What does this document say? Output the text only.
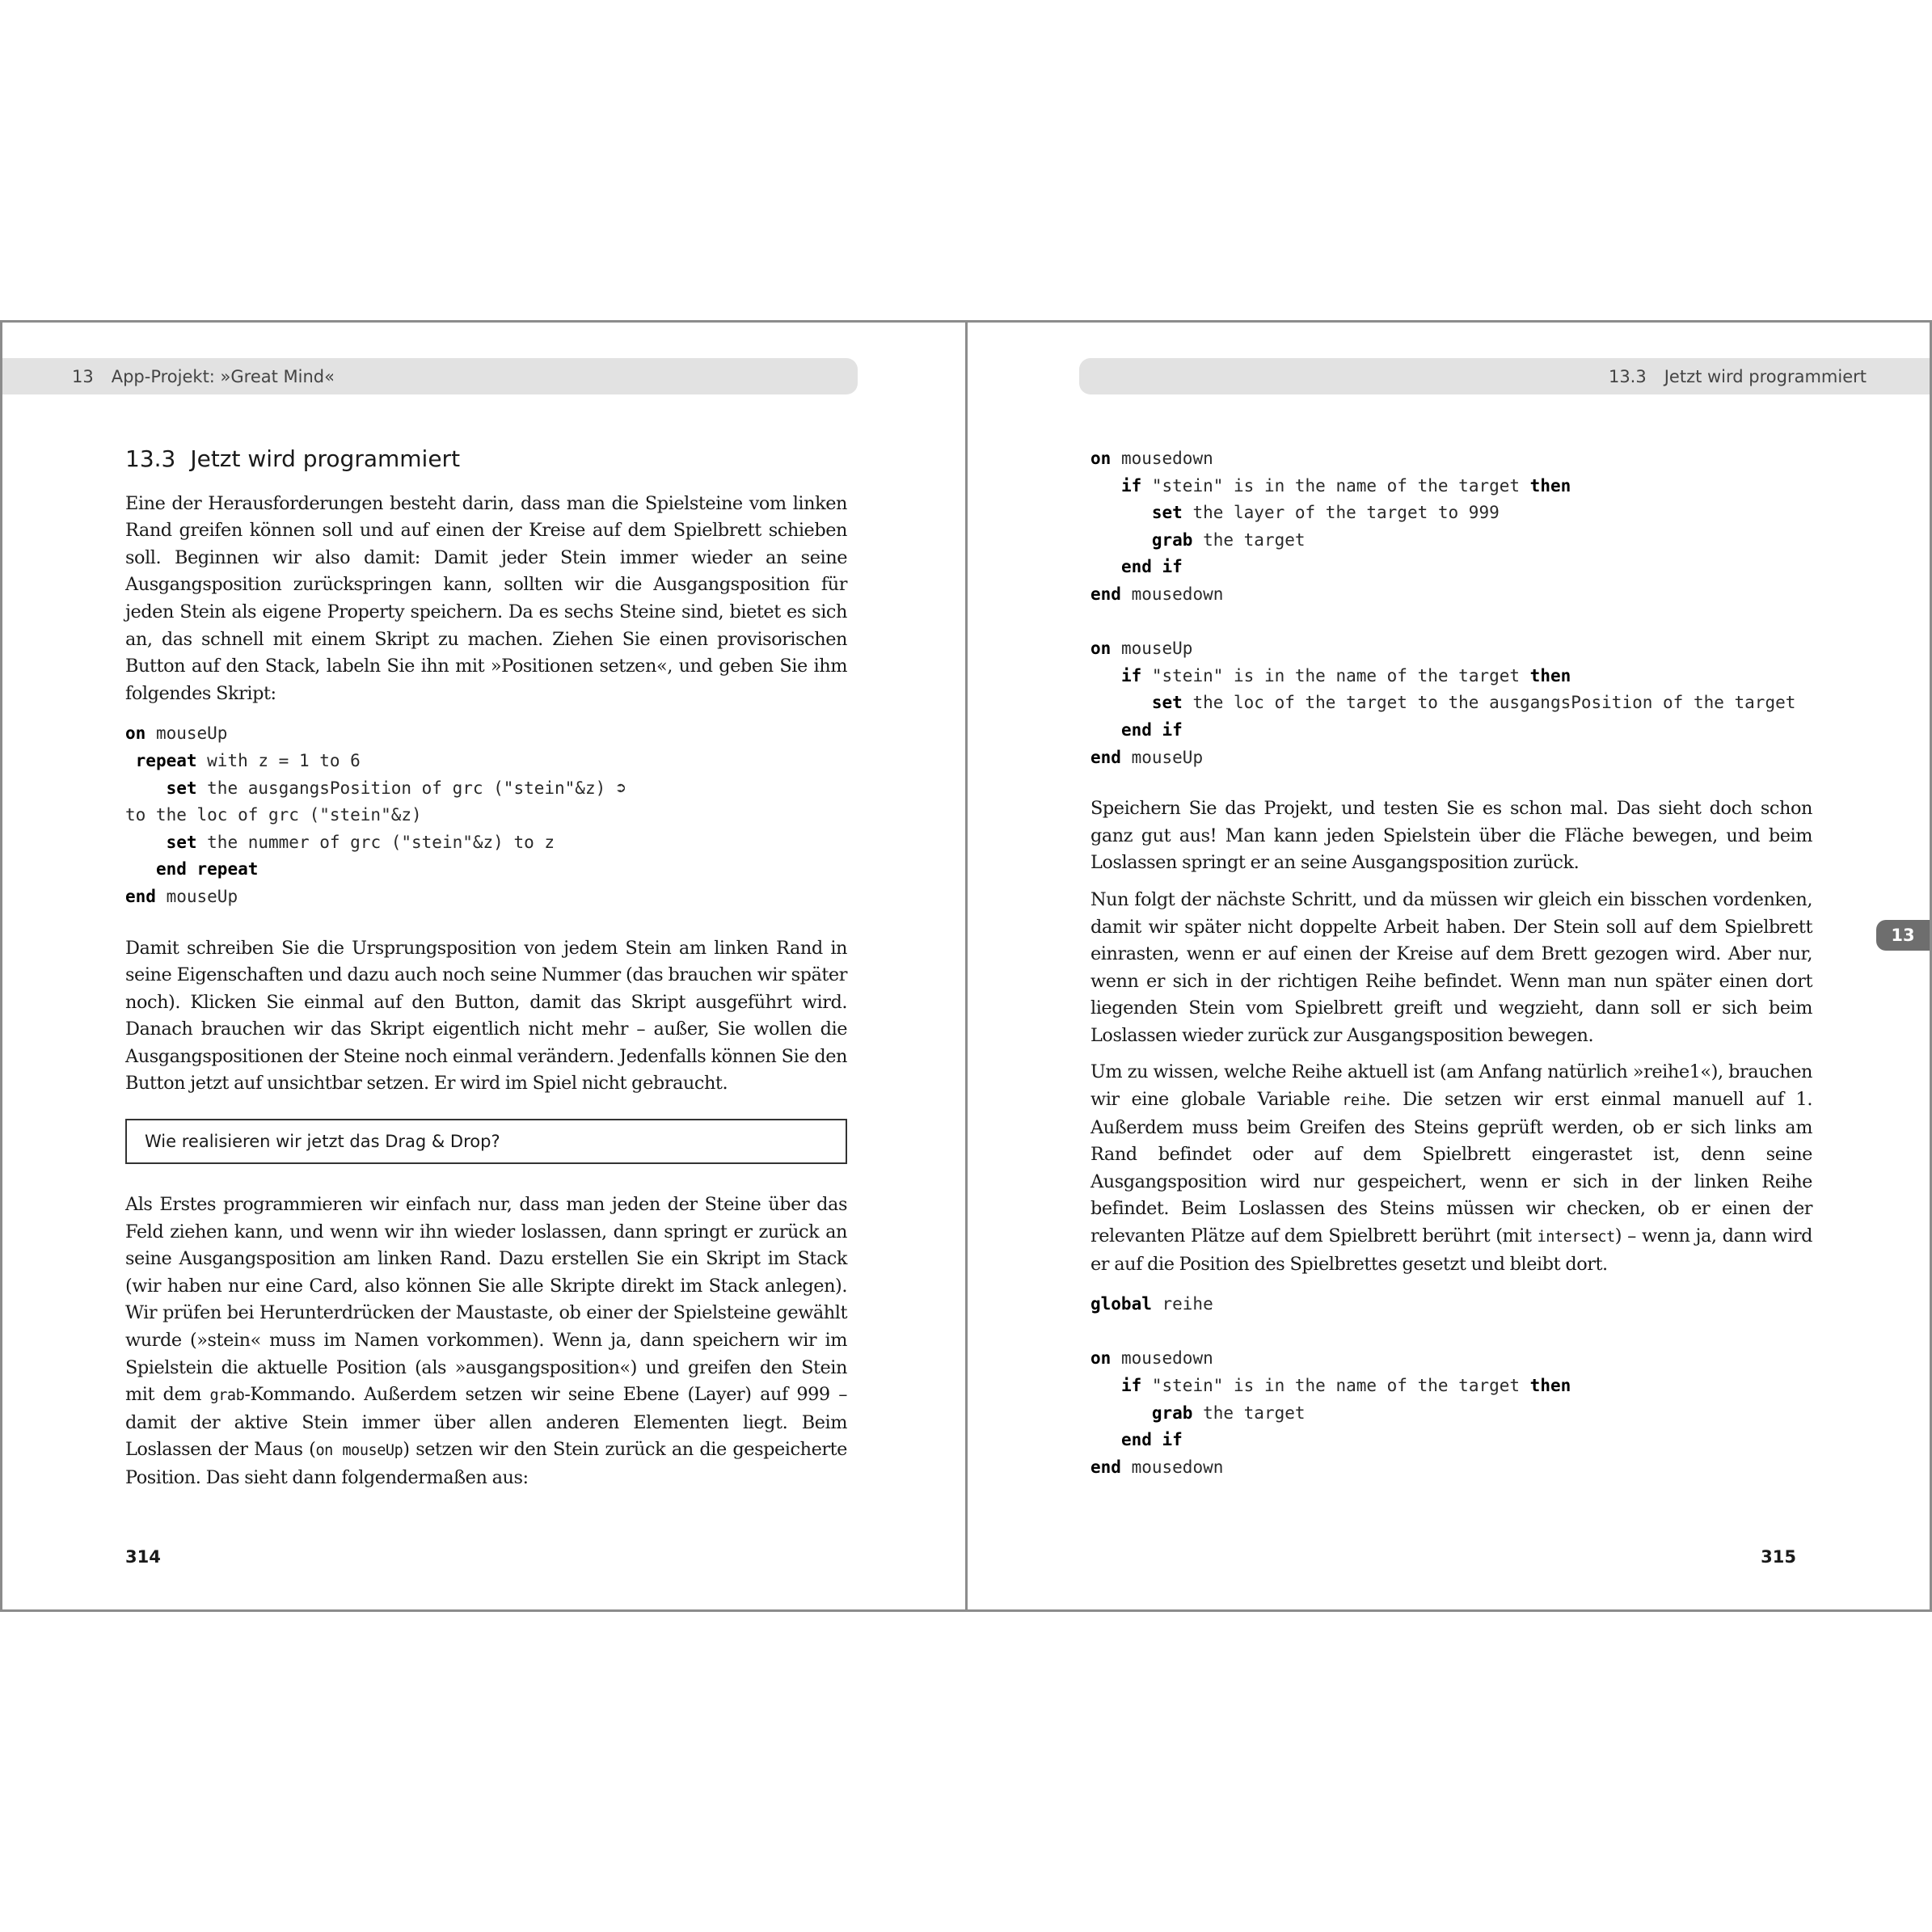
13 App-Projekt: »Great Mind«
13.3 Jetzt wird programmiert

Eine der Herausforderungen besteht darin, dass man die Spielsteine vom linken Rand greifen können soll und auf einen der Kreise auf dem Spielbrett schieben soll. Beginnen wir also damit: Damit jeder Stein immer wieder an seine Ausgangsposition zurückspringen kann, sollten wir die Ausgangsposition für jeden Stein als eigene Property speichern. Da es sechs Steine sind, bietet es sich an, das schnell mit einem Skript zu machen. Ziehen Sie einen provisorischen Button auf den Stack, labeln Sie ihn mit »Positionen setzen«, und geben Sie ihm folgendes Skript:

on mouseUp
repeat with z = 1 to 6
set the ausgangsPosition of grc ("stein"&z) ➲
to the loc of grc ("stein"&z)
set the nummer of grc ("stein"&z) to z
end repeat
end mouseUp

Damit schreiben Sie die Ursprungsposition von jedem Stein am linken Rand in seine Eigenschaften und dazu auch noch seine Nummer (das brauchen wir später noch). Klicken Sie einmal auf den Button, damit das Skript ausgeführt wird. Danach brauchen wir das Skript eigentlich nicht mehr – außer, Sie wollen die Ausgangspositionen der Steine noch einmal verändern. Jedenfalls können Sie den Button jetzt auf unsichtbar setzen. Er wird im Spiel nicht gebraucht.

Wie realisieren wir jetzt das Drag & Drop?

Als Erstes programmieren wir einfach nur, dass man jeden der Steine über das Feld ziehen kann, und wenn wir ihn wieder loslassen, dann springt er zurück an seine Ausgangsposition am linken Rand. Dazu erstellen Sie ein Skript im Stack (wir haben nur eine Card, also können Sie alle Skripte direkt im Stack anlegen). Wir prüfen bei Herunterdrücken der Maustaste, ob einer der Spielsteine gewählt wurde (»stein« muss im Namen vorkommen). Wenn ja, dann speichern wir im Spielstein die aktuelle Position (als »ausgangsposition«) und greifen den Stein mit dem grab-Kommando. Außerdem setzen wir seine Ebene (Layer) auf 999 – damit der aktive Stein immer über allen anderen Elementen liegt. Beim Loslassen der Maus (on mouseUp) setzen wir den Stein zurück an die gespeicherte Position. Das sieht dann folgendermaßen aus:

314
13.3 Jetzt wird programmiert
on mousedown
if "stein" is in the name of the target then
set the layer of the target to 999
grab the target
end if
end mousedown

on mouseUp
if "stein" is in the name of the target then
set the loc of the target to the ausgangsPosition of the target
end if
end mouseUp

Speichern Sie das Projekt, und testen Sie es schon mal. Das sieht doch schon ganz gut aus! Man kann jeden Spielstein über die Fläche bewegen, und beim Loslassen springt er an seine Ausgangsposition zurück.

Nun folgt der nächste Schritt, und da müssen wir gleich ein bisschen vordenken, damit wir später nicht doppelte Arbeit haben. Der Stein soll auf dem Spielbrett einrasten, wenn er auf einen der Kreise auf dem Brett gezogen wird. Aber nur, wenn er sich in der richtigen Reihe befindet. Wenn man nun später einen dort liegenden Stein vom Spielbrett greift und wegzieht, dann soll er sich beim Loslassen wieder zurück zur Ausgangsposition bewegen.

Um zu wissen, welche Reihe aktuell ist (am Anfang natürlich »reihe1«), brauchen wir eine globale Variable reihe. Die setzen wir erst einmal manuell auf 1. Außerdem muss beim Greifen des Steins geprüft werden, ob er sich links am Rand befindet oder auf dem Spielbrett eingerastet ist, denn seine Ausgangsposition wird nur gespeichert, wenn er sich in der linken Reihe befindet. Beim Loslassen des Steins müssen wir checken, ob er einen der relevanten Plätze auf dem Spielbrett berührt (mit intersect) – wenn ja, dann wird er auf die Position des Spielbrettes gesetzt und bleibt dort.

global reihe

on mousedown
if "stein" is in the name of the target then
grab the target
end if
end mousedown
13
315
